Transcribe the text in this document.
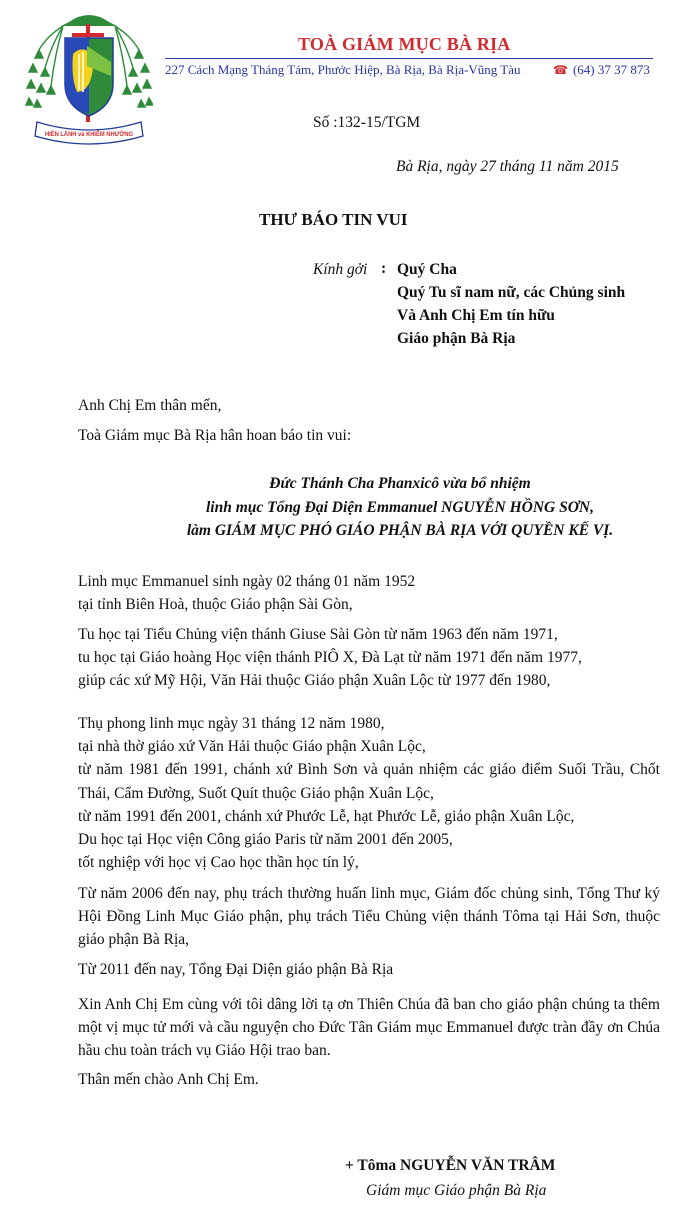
HIỀN LÀNH và KHIÊM NHƯỜNG
TOÀ GIÁM MỤC BÀ RỊA
227 Cách Mạng Tháng Tám, Phước Hiệp, Bà Rịa, Bà Rịa-Vũng Tàu	☎ (64) 37 37 873
Số :132-15/TGM
Bà Rịa, ngày 27 tháng 11 năm 2015
THƯ BÁO TIN VUI
Kính gởi : Quý Cha
Quý Tu sĩ nam nữ, các Chủng sinh
Và Anh Chị Em tín hữu
Giáo phận Bà Rịa
Anh Chị Em thân mến,
Toà Giám mục Bà Rịa hân hoan báo tin vui:
Đức Thánh Cha Phanxicô vừa bổ nhiệm
linh mục Tổng Đại Diện Emmanuel NGUYỄN HỒNG SƠN,
làm GIÁM MỤC PHÓ GIÁO PHẬN BÀ RỊA VỚI QUYỀN KẾ VỊ.
Linh mục Emmanuel sinh ngày 02 tháng 01 năm 1952
tại tỉnh Biên Hoà, thuộc Giáo phận Sài Gòn,
Tu học tại Tiểu Chủng viện thánh Giuse Sài Gòn từ năm 1963 đến năm 1971,
tu học tại Giáo hoàng Học viện thánh PIÔ X, Đà Lạt từ năm 1971 đến năm 1977,
giúp các xứ Mỹ Hội, Văn Hải thuộc Giáo phận Xuân Lộc từ 1977 đến 1980,
Thụ phong linh mục ngày 31 tháng 12 năm 1980,
tại nhà thờ giáo xứ Văn Hải thuộc Giáo phận Xuân Lộc,
từ năm 1981 đến 1991, chánh xứ Bình Sơn và quản nhiệm các giáo điểm Suối Trầu, Chốt Thái, Cẩm Đường, Suốt Quít thuộc Giáo phận Xuân Lộc,
từ năm 1991 đến 2001, chánh xứ Phước Lễ, hạt Phước Lễ, giáo phận Xuân Lộc,
Du học tại Học viện Công giáo Paris từ năm 2001 đến 2005,
tốt nghiệp với học vị Cao học thần học tín lý,
Từ năm 2006 đến nay, phụ trách thường huấn linh mục, Giám đốc chủng sinh, Tổng Thư ký Hội Đồng Linh Mục Giáo phận, phụ trách Tiểu Chủng viện thánh Tôma tại Hải Sơn, thuộc giáo phận Bà Rịa,
Từ 2011 đến nay, Tổng Đại Diện giáo phận Bà Rịa
Xin Anh Chị Em cùng với tôi dâng lời tạ ơn Thiên Chúa đã ban cho giáo phận chúng ta thêm một vị mục tử mới và cầu nguyện cho Đức Tân Giám mục Emmanuel được tràn đầy ơn Chúa hầu chu toàn trách vụ Giáo Hội trao ban.
Thân mến chào Anh Chị Em.
+ Tôma NGUYỄN VĂN TRÂM
Giám mục Giáo phận Bà Rịa
